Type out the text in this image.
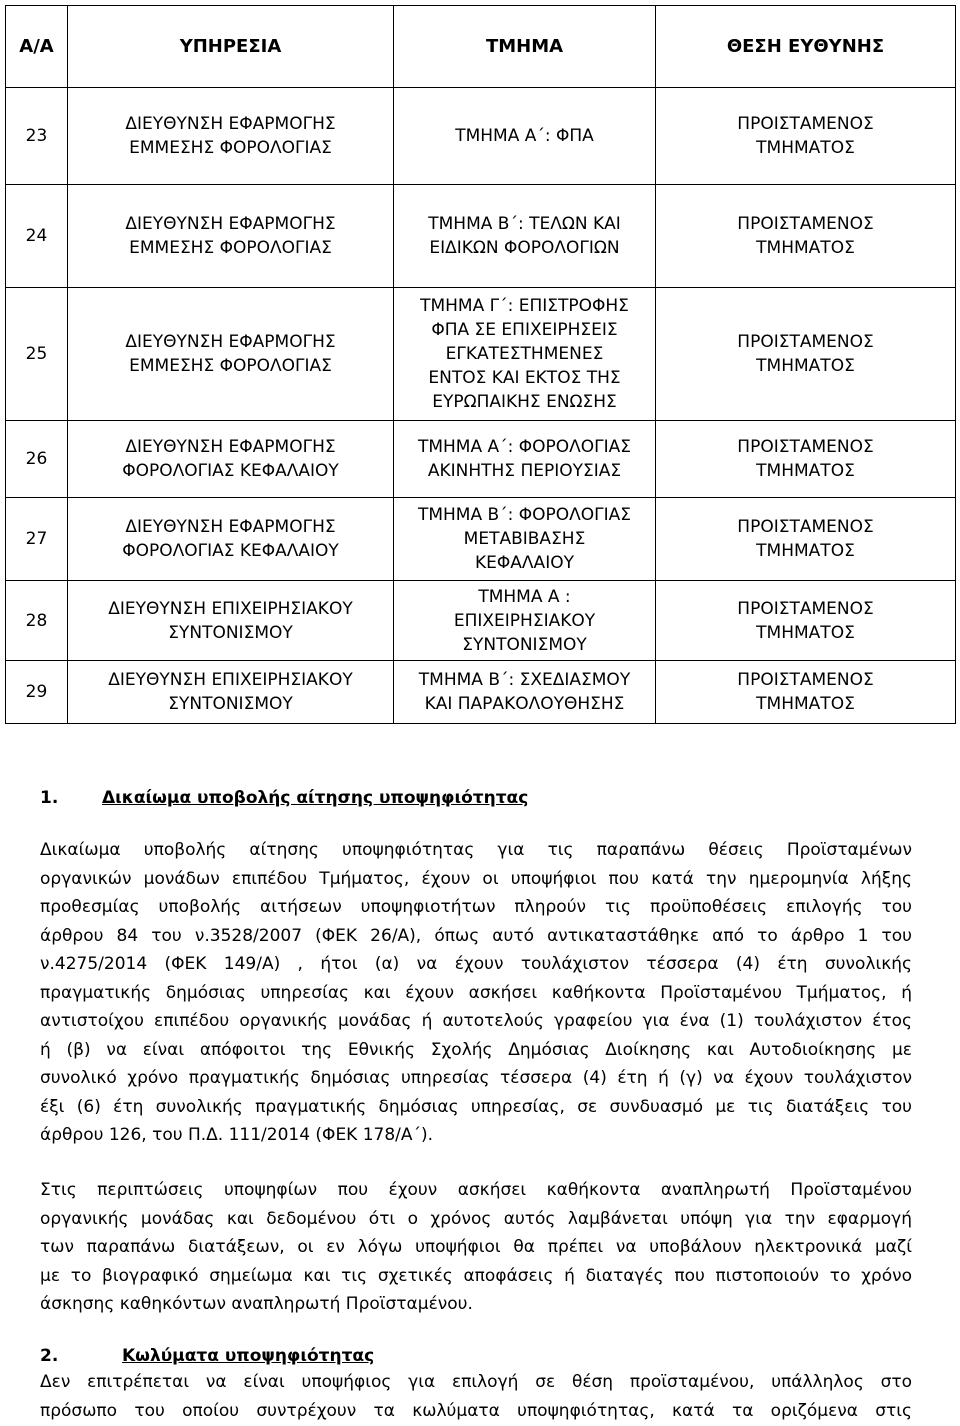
Α/Α	ΥΠΗΡΕΣΙΑ	ΤΜΗΜΑ	ΘΕΣΗ ΕΥΘΥΝΗΣ
23	ΔΙΕΥΘΥΝΣΗ ΕΦΑΡΜΟΓΗΣ
ΕΜΜΕΣΗΣ ΦΟΡΟΛΟΓΙΑΣ	ΤΜΗΜΑ Α΄: ΦΠΑ	ΠΡΟΙΣΤΑΜΕΝΟΣ
ΤΜΗΜΑΤΟΣ

24	ΔΙΕΥΘΥΝΣΗ ΕΦΑΡΜΟΓΗΣ
ΕΜΜΕΣΗΣ ΦΟΡΟΛΟΓΙΑΣ	ΤΜΗΜΑ Β΄: ΤΕΛΩΝ ΚΑΙ
ΕΙΔΙΚΩΝ ΦΟΡΟΛΟΓΙΩΝ	ΠΡΟΙΣΤΑΜΕΝΟΣ
ΤΜΗΜΑΤΟΣ

25	ΔΙΕΥΘΥΝΣΗ ΕΦΑΡΜΟΓΗΣ
ΕΜΜΕΣΗΣ ΦΟΡΟΛΟΓΙΑΣ	ΤΜΗΜΑ Γ΄: ΕΠΙΣΤΡΟΦΗΣ
ΦΠΑ ΣΕ ΕΠΙΧΕΙΡΗΣΕΙΣ
ΕΓΚΑΤΕΣΤΗΜΕΝΕΣ
ΕΝΤΟΣ ΚΑΙ ΕΚΤΟΣ ΤΗΣ
ΕΥΡΩΠΑΙΚΗΣ ΕΝΩΣΗΣ	ΠΡΟΙΣΤΑΜΕΝΟΣ
ΤΜΗΜΑΤΟΣ

26	ΔΙΕΥΘΥΝΣΗ ΕΦΑΡΜΟΓΗΣ
ΦΟΡΟΛΟΓΙΑΣ ΚΕΦΑΛΑΙΟΥ	ΤΜΗΜΑ Α΄: ΦΟΡΟΛΟΓΙΑΣ
ΑΚΙΝΗΤΗΣ ΠΕΡΙΟΥΣΙΑΣ	ΠΡΟΙΣΤΑΜΕΝΟΣ
ΤΜΗΜΑΤΟΣ

27	ΔΙΕΥΘΥΝΣΗ ΕΦΑΡΜΟΓΗΣ
ΦΟΡΟΛΟΓΙΑΣ ΚΕΦΑΛΑΙΟΥ	ΤΜΗΜΑ Β΄: ΦΟΡΟΛΟΓΙΑΣ
ΜΕΤΑΒΙΒΑΣΗΣ
ΚΕΦΑΛΑΙΟΥ	ΠΡΟΙΣΤΑΜΕΝΟΣ
ΤΜΗΜΑΤΟΣ

28	ΔΙΕΥΘΥΝΣΗ ΕΠΙΧΕΙΡΗΣΙΑΚΟΥ
ΣΥΝΤΟΝΙΣΜΟΥ	ΤΜΗΜΑ Α :
ΕΠΙΧΕΙΡΗΣΙΑΚΟΥ
ΣΥΝΤΟΝΙΣΜΟΥ	ΠΡΟΙΣΤΑΜΕΝΟΣ
ΤΜΗΜΑΤΟΣ

29	ΔΙΕΥΘΥΝΣΗ ΕΠΙΧΕΙΡΗΣΙΑΚΟΥ
ΣΥΝΤΟΝΙΣΜΟΥ	ΤΜΗΜΑ Β΄: ΣΧΕΔΙΑΣΜΟΥ
ΚΑΙ ΠΑΡΑΚΟΛΟΥΘΗΣΗΣ	ΠΡΟΙΣΤΑΜΕΝΟΣ
ΤΜΗΜΑΤΟΣ
1.	Δικαίωμα υποβολής αίτησης υποψηφιότητας
Δικαίωμα υποβολής αίτησης υποψηφιότητας για τις παραπάνω θέσεις Προϊσταμένων
οργανικών μονάδων επιπέδου Τμήματος, έχουν οι υποψήφιοι που κατά την ημερομηνία λήξης
προθεσμίας υποβολής αιτήσεων υποψηφιοτήτων πληρούν τις προϋποθέσεις επιλογής του
άρθρου 84 του ν.3528/2007 (ΦΕΚ 26/Α), όπως αυτό αντικαταστάθηκε από το άρθρο 1 του
ν.4275/2014 (ΦΕΚ 149/Α) , ήτοι (α) να έχουν τουλάχιστον τέσσερα (4) έτη συνολικής
πραγματικής δημόσιας υπηρεσίας και έχουν ασκήσει καθήκοντα Προϊσταμένου Τμήματος, ή
αντιστοίχου επιπέδου οργανικής μονάδας ή αυτοτελούς γραφείου για ένα (1) τουλάχιστον έτος
ή (β) να είναι απόφοιτοι της Εθνικής Σχολής Δημόσιας Διοίκησης και Αυτοδιοίκησης με
συνολικό χρόνο πραγματικής δημόσιας υπηρεσίας τέσσερα (4) έτη ή (γ) να έχουν τουλάχιστον
έξι (6) έτη συνολικής πραγματικής δημόσιας υπηρεσίας, σε συνδυασμό με τις διατάξεις του
άρθρου 126, του Π.Δ. 111/2014 (ΦΕΚ 178/Α΄).
Στις περιπτώσεις υποψηφίων που έχουν ασκήσει καθήκοντα αναπληρωτή Προϊσταμένου
οργανικής μονάδας και δεδομένου ότι ο χρόνος αυτός λαμβάνεται υπόψη για την εφαρμογή
των παραπάνω διατάξεων, οι εν λόγω υποψήφιοι θα πρέπει να υποβάλουν ηλεκτρονικά μαζί
με το βιογραφικό σημείωμα και τις σχετικές αποφάσεις ή διαταγές που πιστοποιούν το χρόνο
άσκησης καθηκόντων αναπληρωτή Προϊσταμένου.
2.	Κωλύματα υποψηφιότητας
Δεν επιτρέπεται να είναι υποψήφιος για επιλογή σε θέση προϊσταμένου, υπάλληλος στο
πρόσωπο του οποίου συντρέχουν τα κωλύματα υποψηφιότητας, κατά τα οριζόμενα στις
